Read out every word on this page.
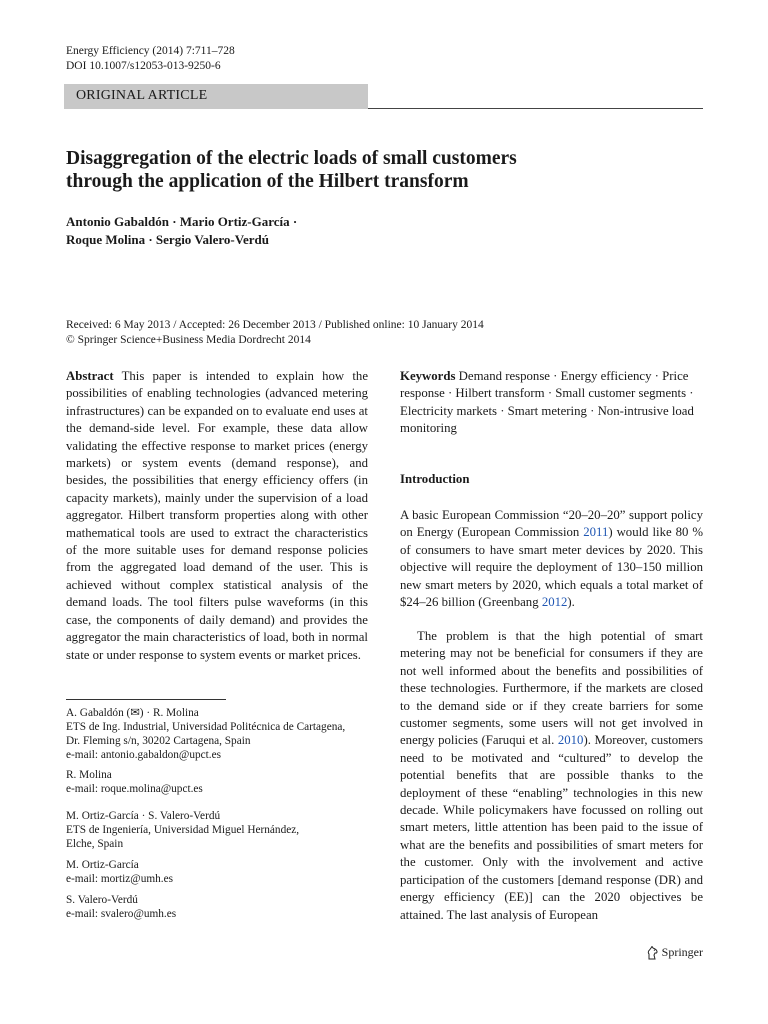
Energy Efficiency (2014) 7:711–728
DOI 10.1007/s12053-013-9250-6
ORIGINAL ARTICLE
Disaggregation of the electric loads of small customers
through the application of the Hilbert transform
Antonio Gabaldón · Mario Ortiz-García ·
Roque Molina · Sergio Valero-Verdú
Received: 6 May 2013 / Accepted: 26 December 2013 / Published online: 10 January 2014
© Springer Science+Business Media Dordrecht 2014
Abstract This paper is intended to explain how the possibilities of enabling technologies (advanced metering infrastructures) can be expanded on to evaluate end uses at the demand-side level. For example, these data allow validating the effective response to market prices (energy markets) or system events (demand response), and besides, the possibilities that energy efficiency offers (in capacity markets), mainly under the supervision of a load aggregator. Hilbert transform properties along with other mathematical tools are used to extract the characteristics of the more suitable uses for demand response policies from the aggregated load demand of the user. This is achieved without complex statistical analysis of the demand loads. The tool filters pulse waveforms (in this case, the components of daily demand) and provides the aggregator the main characteristics of load, both in normal state or under response to system events or market prices.
Keywords Demand response · Energy efficiency · Price response · Hilbert transform · Small customer segments · Electricity markets · Smart metering · Non-intrusive load monitoring
A. Gabaldón (✉) · R. Molina
ETS de Ing. Industrial, Universidad Politécnica de Cartagena,
Dr. Fleming s/n, 30202 Cartagena, Spain
e-mail: antonio.gabaldon@upct.es
R. Molina
e-mail: roque.molina@upct.es
M. Ortiz-García · S. Valero-Verdú
ETS de Ingeniería, Universidad Miguel Hernández,
Elche, Spain
M. Ortiz-García
e-mail: mortiz@umh.es
S. Valero-Verdú
e-mail: svalero@umh.es
Introduction
A basic European Commission “20–20–20” support policy on Energy (European Commission 2011) would like 80 % of consumers to have smart meter devices by 2020. This objective will require the deployment of 130–150 million new smart meters by 2020, which equals a total market of $24–26 billion (Greenbang 2012).
The problem is that the high potential of smart metering may not be beneficial for consumers if they are not well informed about the benefits and possibilities of these technologies. Furthermore, if the markets are closed to the demand side or if they create barriers for some customer segments, some users will not get involved in energy policies (Faruqui et al. 2010). Moreover, customers need to be motivated and “cultured” to develop the potential benefits that are possible thanks to the deployment of these “enabling” technologies in this new decade. While policymakers have focussed on rolling out smart meters, little attention has been paid to the issue of what are the benefits and possibilities of smart meters for the customer. Only with the involvement and active participation of the customers [demand response (DR) and energy efficiency (EE)] can the 2020 objectives be attained. The last analysis of European
Springer
